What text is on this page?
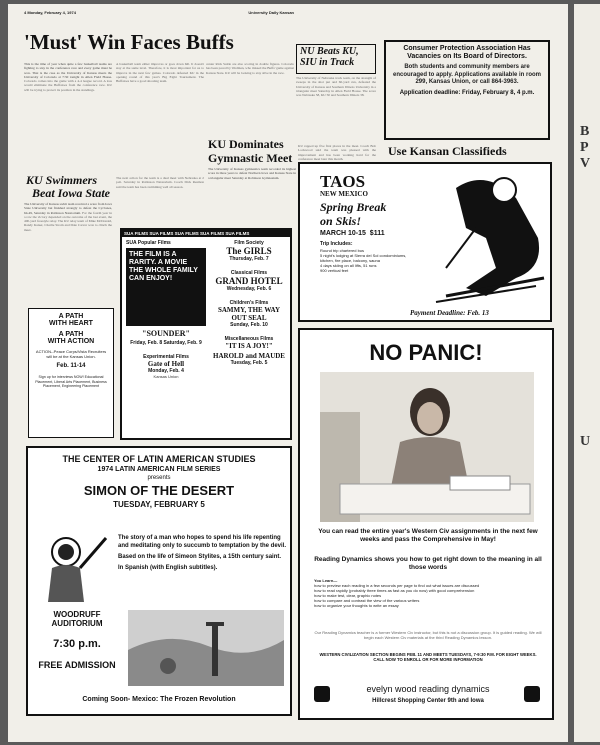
4 Monday, February 4, 1974	University Daily Kansan
'Must' Win Faces Buffs
This is the time of year when quite a few basketball teams are fighting to stay in the conference race and every game must be won. That is the case as the University of Kansas meets the University of Colorado at 7:30 tonight in Allen Field House. Colorado comes into the game with a 4-4 league record. A loss would eliminate the Buffaloes from the conference race. KU will be trying to protect its position in the standings.
A basketball team either improves or goes down hill. It doesn't stay at the same level. Therefore, it is most important for us to improve in the next few games. Colorado defeated KU in the opening round of this year's Big Eight Tournament. The Buffaloes have a good shooting team.
center Rick Suttle are also scoring in double figures. Colorado has been paced by Wedman, who missed the Buffs' game against Kansas State. KU will be looking to stay alive in the race.
KU Swimmers
Beat Iowa State
The University of Kansas swim team received a scare from Iowa State University but finished strongly to defeat the Cyclones, 64-49, Saturday in Robinson Natatorium. For the fourth year in a row the victory depended on the outcome of the last event, the 400-yard freestyle relay. The KU relay team of Mike McDonald, Randy Kaiser, Charlie Strom and Dale Carver won to clinch the meet.
The next action for the team is a dual meet with Nebraska at 2 p.m. Saturday in Robinson Natatorium. Coach Dick Reamon said the team has been swimming well all season.
NU Beats KU,
SIU in Track
The University of Nebraska track team, on the strength of sweeps in the shot put and 60-yard run, defeated the University of Kansas and Southern Illinois University in a triangular meet Saturday in Allen Field House. The score was Nebraska 58, KU 50 and Southern Illinois 38.
KU Dominates
Gymnastic Meet
The University of Kansas gymnastics team recorded its highest score in three years to defeat Northern Iowa and Kansas State in a triangular meet Saturday at Robinson Gymnasium.
KU rapped up five first places in the meet. Coach Bob Lockwood said the team was pleased with the improvement and has been working hard for the conference meet later this month.
Consumer Protection Association Has Vacancies on Its Board of Directors.
Both students and community members are encouraged to apply. Applications available in room 299, Kansas Union, or call 864-3963.
Application deadline: Friday, February 8, 4 p.m.
Use Kansan Classifieds
TAOS
NEW MEXICO
Spring Break
on Skis!
MARCH 10-15 $111
Trip Includes:
Round trip chartered bus
5 night's lodging at Sierra del Sol condominiums, kitchen, fire place, balcony, sauna
4 days skiing on all lifts, 51 runs
900 vertical feet
Payment Deadline: Feb. 13
NO PANIC!
You can read the entire year's Western Civ assignments in the next few weeks and pass the Comprehensive in May!
Reading Dynamics shows you how to get right down to the meaning in all those words
You Learn—
how to preview each reading in a few seconds per page to find out what issues are discussed
how to read rapidly (probably three times as fast as you do now) with good comprehension
how to make test, clear, graphic notes
how to compare and contrast the view of the various writers
how to organize your thoughts to write an essay
Our Reading Dynamics teacher is a former Western Civ instructor, but this is not a discussion group. It is guided reading. We will begin each Western Civ materials at the third Reading Dynamics lesson.
WESTERN CIVILIZATION SECTION BEGINS FEB. 11 AND MEETS TUESDAYS, 7-9:30 P.M. FOR EIGHT WEEKS. CALL NOW TO ENROLL OR FOR MORE INFORMATION
evelyn wood reading dynamics
Hillcrest Shopping Center 9th and Iowa
A PATH
WITH HEART
A PATH
WITH ACTION
ACTION--Peace Corps/Vista Recruiters will be at the Kansas Union.
Feb. 11-14
Sign up for interviews NOW! Educational Placement, Liberal Arts Placement, Business Placement, Engineering Placement
SUA FILMS SUA FILMS SUA FILMS SUA FILMS SUA FILMS
SUA Popular Films
THE FILM IS A RARITY. A MOVIE THE WHOLE FAMILY CAN ENJOY!
"SOUNDER"
Friday, Feb. 8 Saturday, Feb. 9
Experimental Films
Gate of Hell
Monday, Feb. 4
Kansas Union
Film Society
The GIRLS
Thursday, Feb. 7
Classical Films
GRAND HOTEL
Wednesday, Feb. 6
Children's Films
SAMMY, THE WAY OUT SEAL
Sunday, Feb. 10
Miscellaneous Films
"IT IS A JOY!"
HAROLD and MAUDE
Tuesday, Feb. 5
THE CENTER OF LATIN AMERICAN STUDIES
1974 LATIN AMERICAN FILM SERIES
presents
SIMON OF THE DESERT
TUESDAY, FEBRUARY 5
The story of a man who hopes to spend his life repenting and meditating only to succumb to temptation by the devil.
Based on the life of Simeon Stylites, a 15th century saint.
In Spanish (with English subtitles).
WOODRUFF AUDITORIUM
7:30 p.m.
FREE ADMISSION
Coming Soon- Mexico: The Frozen Revolution
B
P
V
U
